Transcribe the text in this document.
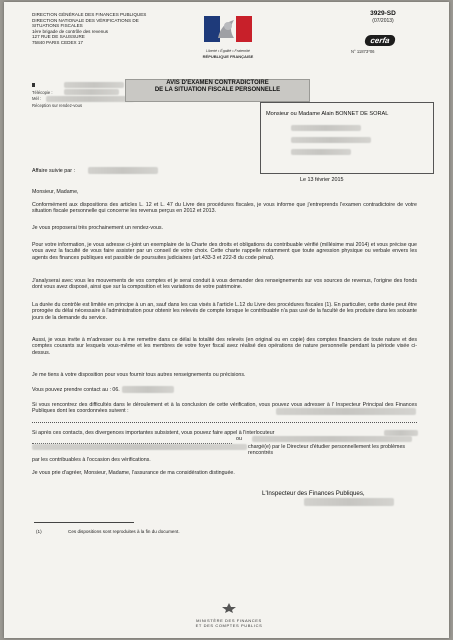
DIRECTION GÉNÉRALE DES FINANCES PUBLIQUES
DIRECTION NATIONALE DES VÉRIFICATIONS DE
SITUATIONS FISCALES
1ère brigade de contrôle des revenus
127 RUE DE SAUSSURE
75840 PARIS CEDEX 17
Liberté • Égalité • Fraternité
RÉPUBLIQUE FRANÇAISE
3929-SD
(07/2013)
cerfa
N° 11873*06
Télécopie :
Mél :
Réception sur rendez-vous
AVIS D'EXAMEN CONTRADICTOIRE
DE LA SITUATION FISCALE PERSONNELLE
Monsieur ou Madame Alain BONNET DE SORAL
Affaire suivie par :
Le 13 février 2015
Monsieur, Madame,
Conformément aux dispositions des articles L. 12 et L. 47 du Livre des procédures fiscales, je vous informe que j'entreprends l'examen contradictoire de votre situation fiscale personnelle qui concerne les revenus perçus en 2012 et 2013.
Je vous proposerai très prochainement un rendez-vous.
Pour votre information, je vous adresse ci-joint un exemplaire de la Charte des droits et obligations du contribuable vérifié (millésime mai 2014) et vous précise que vous avez la faculté de vous faire assister par un conseil de votre choix. Cette charte rappelle notamment que toute agression physique ou verbale envers les agents des finances publiques est passible de poursuites judiciaires (art.433-3 et 222-8 du code pénal).
J'analyserai avec vous les mouvements de vos comptes et je serai conduit à vous demander des renseignements sur vos sources de revenus, l'origine des fonds dont vous avez disposé, ainsi que sur la composition et les variations de votre patrimoine.
La durée du contrôle est limitée en principe à un an, sauf dans les cas visés à l'article L.12 du Livre des procédures fiscales (1). En particulier, cette durée peut être prorogée du délai nécessaire à l'administration pour obtenir les relevés de compte lorsque le contribuable n'a pas usé de la faculté de les produire dans les soixante jours de la demande du service.
Aussi, je vous invite à m'adresser ou à me remettre dans ce délai la totalité des relevés (en original ou en copie) des comptes financiers de toute nature et des comptes courants sur lesquels vous-même et les membres de votre foyer fiscal avez réalisé des opérations de nature personnelle pendant la période visée ci-dessus.
Je me tiens à votre disposition pour vous fournir tous autres renseignements ou précisions.
Vous pouvez prendre contact au : 06.
Si vous rencontrez des difficultés dans le déroulement et à la conclusion de cette vérification, vous pouvez vous adresser à l' Inspecteur Principal des Finances Publiques dont les coordonnées suivent :
Si après ces contacts, des divergences importantes subsistent, vous pouvez faire appel à l'interlocuteur
ou
chargé(e) par le Directeur d'étudier personnellement les problèmes rencontrés
par les contribuables à l'occasion des vérifications.
Je vous prie d'agréer, Monsieur, Madame, l'assurance de ma considération distinguée.
L'Inspecteur des Finances Publiques,
(1)	Ces dispositions sont reproduites à la fin du document.
MINISTÈRE DES FINANCES
ET DES COMPTES PUBLICS
